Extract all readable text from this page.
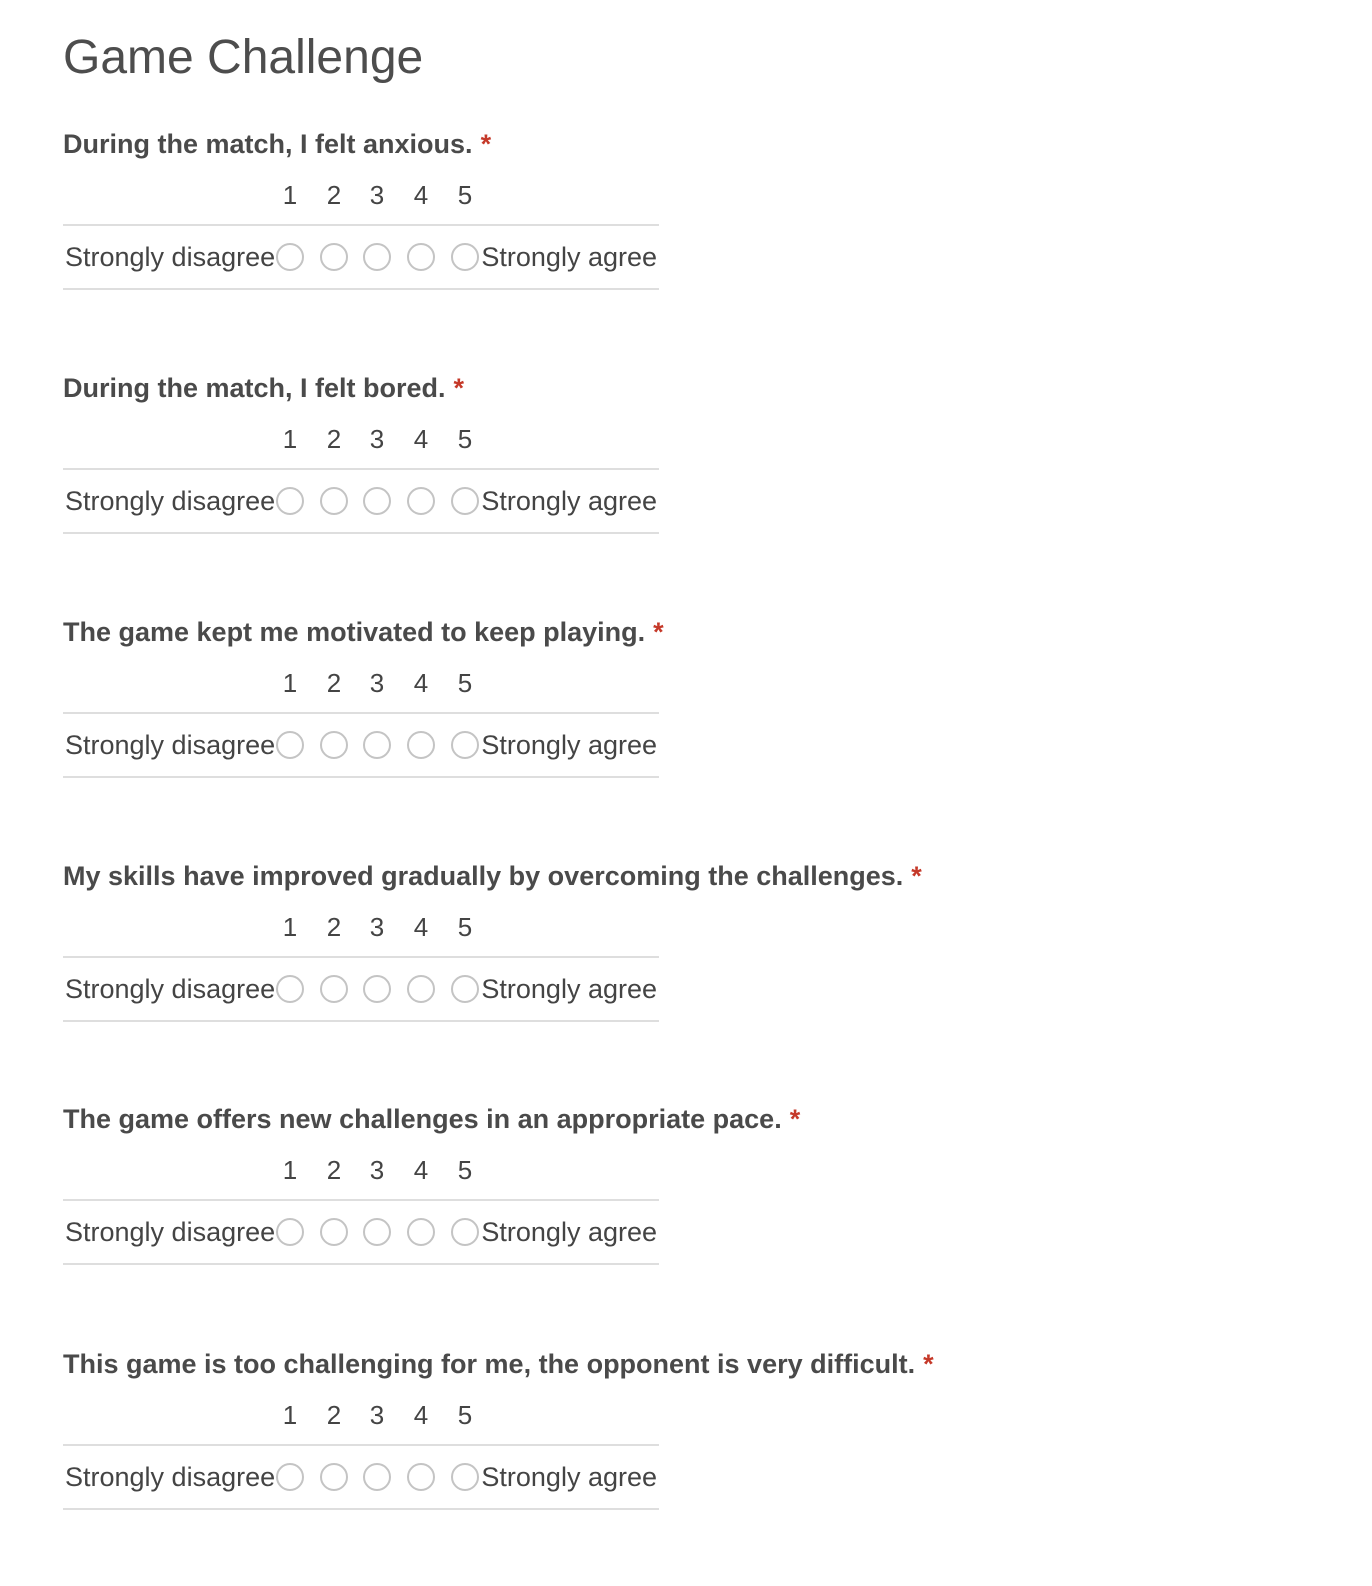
Game Challenge
During the match, I felt anxious. *
1	2	3	4	5
Strongly disagree	Strongly agree
During the match, I felt bored. *
1	2	3	4	5
Strongly disagree	Strongly agree
The game kept me motivated to keep playing. *
1	2	3	4	5
Strongly disagree	Strongly agree
My skills have improved gradually by overcoming the challenges. *
1	2	3	4	5
Strongly disagree	Strongly agree
The game offers new challenges in an appropriate pace. *
1	2	3	4	5
Strongly disagree	Strongly agree
This game is too challenging for me, the opponent is very difficult. *
1	2	3	4	5
Strongly disagree	Strongly agree
